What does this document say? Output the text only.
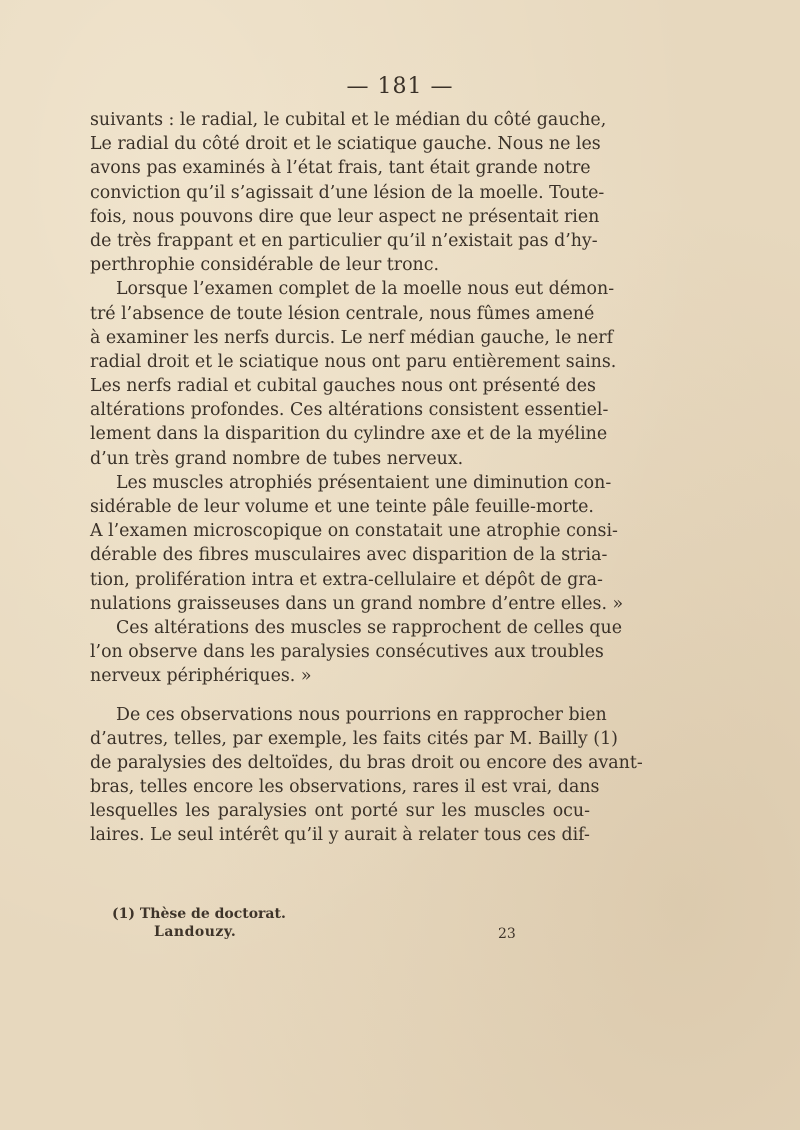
— 181 —
suivants : le radial, le cubital et le médian du côté gauche,
Le radial du côté droit et le sciatique gauche. Nous ne les
avons pas examinés à l’état frais, tant était grande notre
conviction qu’il s’agissait d’une lésion de la moelle. Toute-
fois, nous pouvons dire que leur aspect ne présentait rien
de très frappant et en particulier qu’il n’existait pas d’hy-
perthrophie considérable de leur tronc.
Lorsque l’examen complet de la moelle nous eut démon-
tré l’absence de toute lésion centrale, nous fûmes amené
à examiner les nerfs durcis. Le nerf médian gauche, le nerf
radial droit et le sciatique nous ont paru entièrement sains.
Les nerfs radial et cubital gauches nous ont présenté des
altérations profondes. Ces altérations consistent essentiel-
lement dans la disparition du cylindre axe et de la myéline
d’un très grand nombre de tubes nerveux.
Les muscles atrophiés présentaient une diminution con-
sidérable de leur volume et une teinte pâle feuille-morte.
A l’examen microscopique on constatait une atrophie consi-
dérable des fibres musculaires avec disparition de la stria-
tion, prolifération intra et extra-cellulaire et dépôt de gra-
nulations graisseuses dans un grand nombre d’entre elles. »
Ces altérations des muscles se rapprochent de celles que
l’on observe dans les paralysies consécutives aux troubles
nerveux périphériques. »
De ces observations nous pourrions en rapprocher bien
d’autres, telles, par exemple, les faits cités par M. Bailly (1)
de paralysies des deltoïdes, du bras droit ou encore des avant-
bras, telles encore les observations, rares il est vrai, dans
lesquelles les paralysies ont porté sur les muscles ocu-
laires. Le seul intérêt qu’il y aurait à relater tous ces dif-
(1) Thèse de doctorat.
Landouzy.	23
